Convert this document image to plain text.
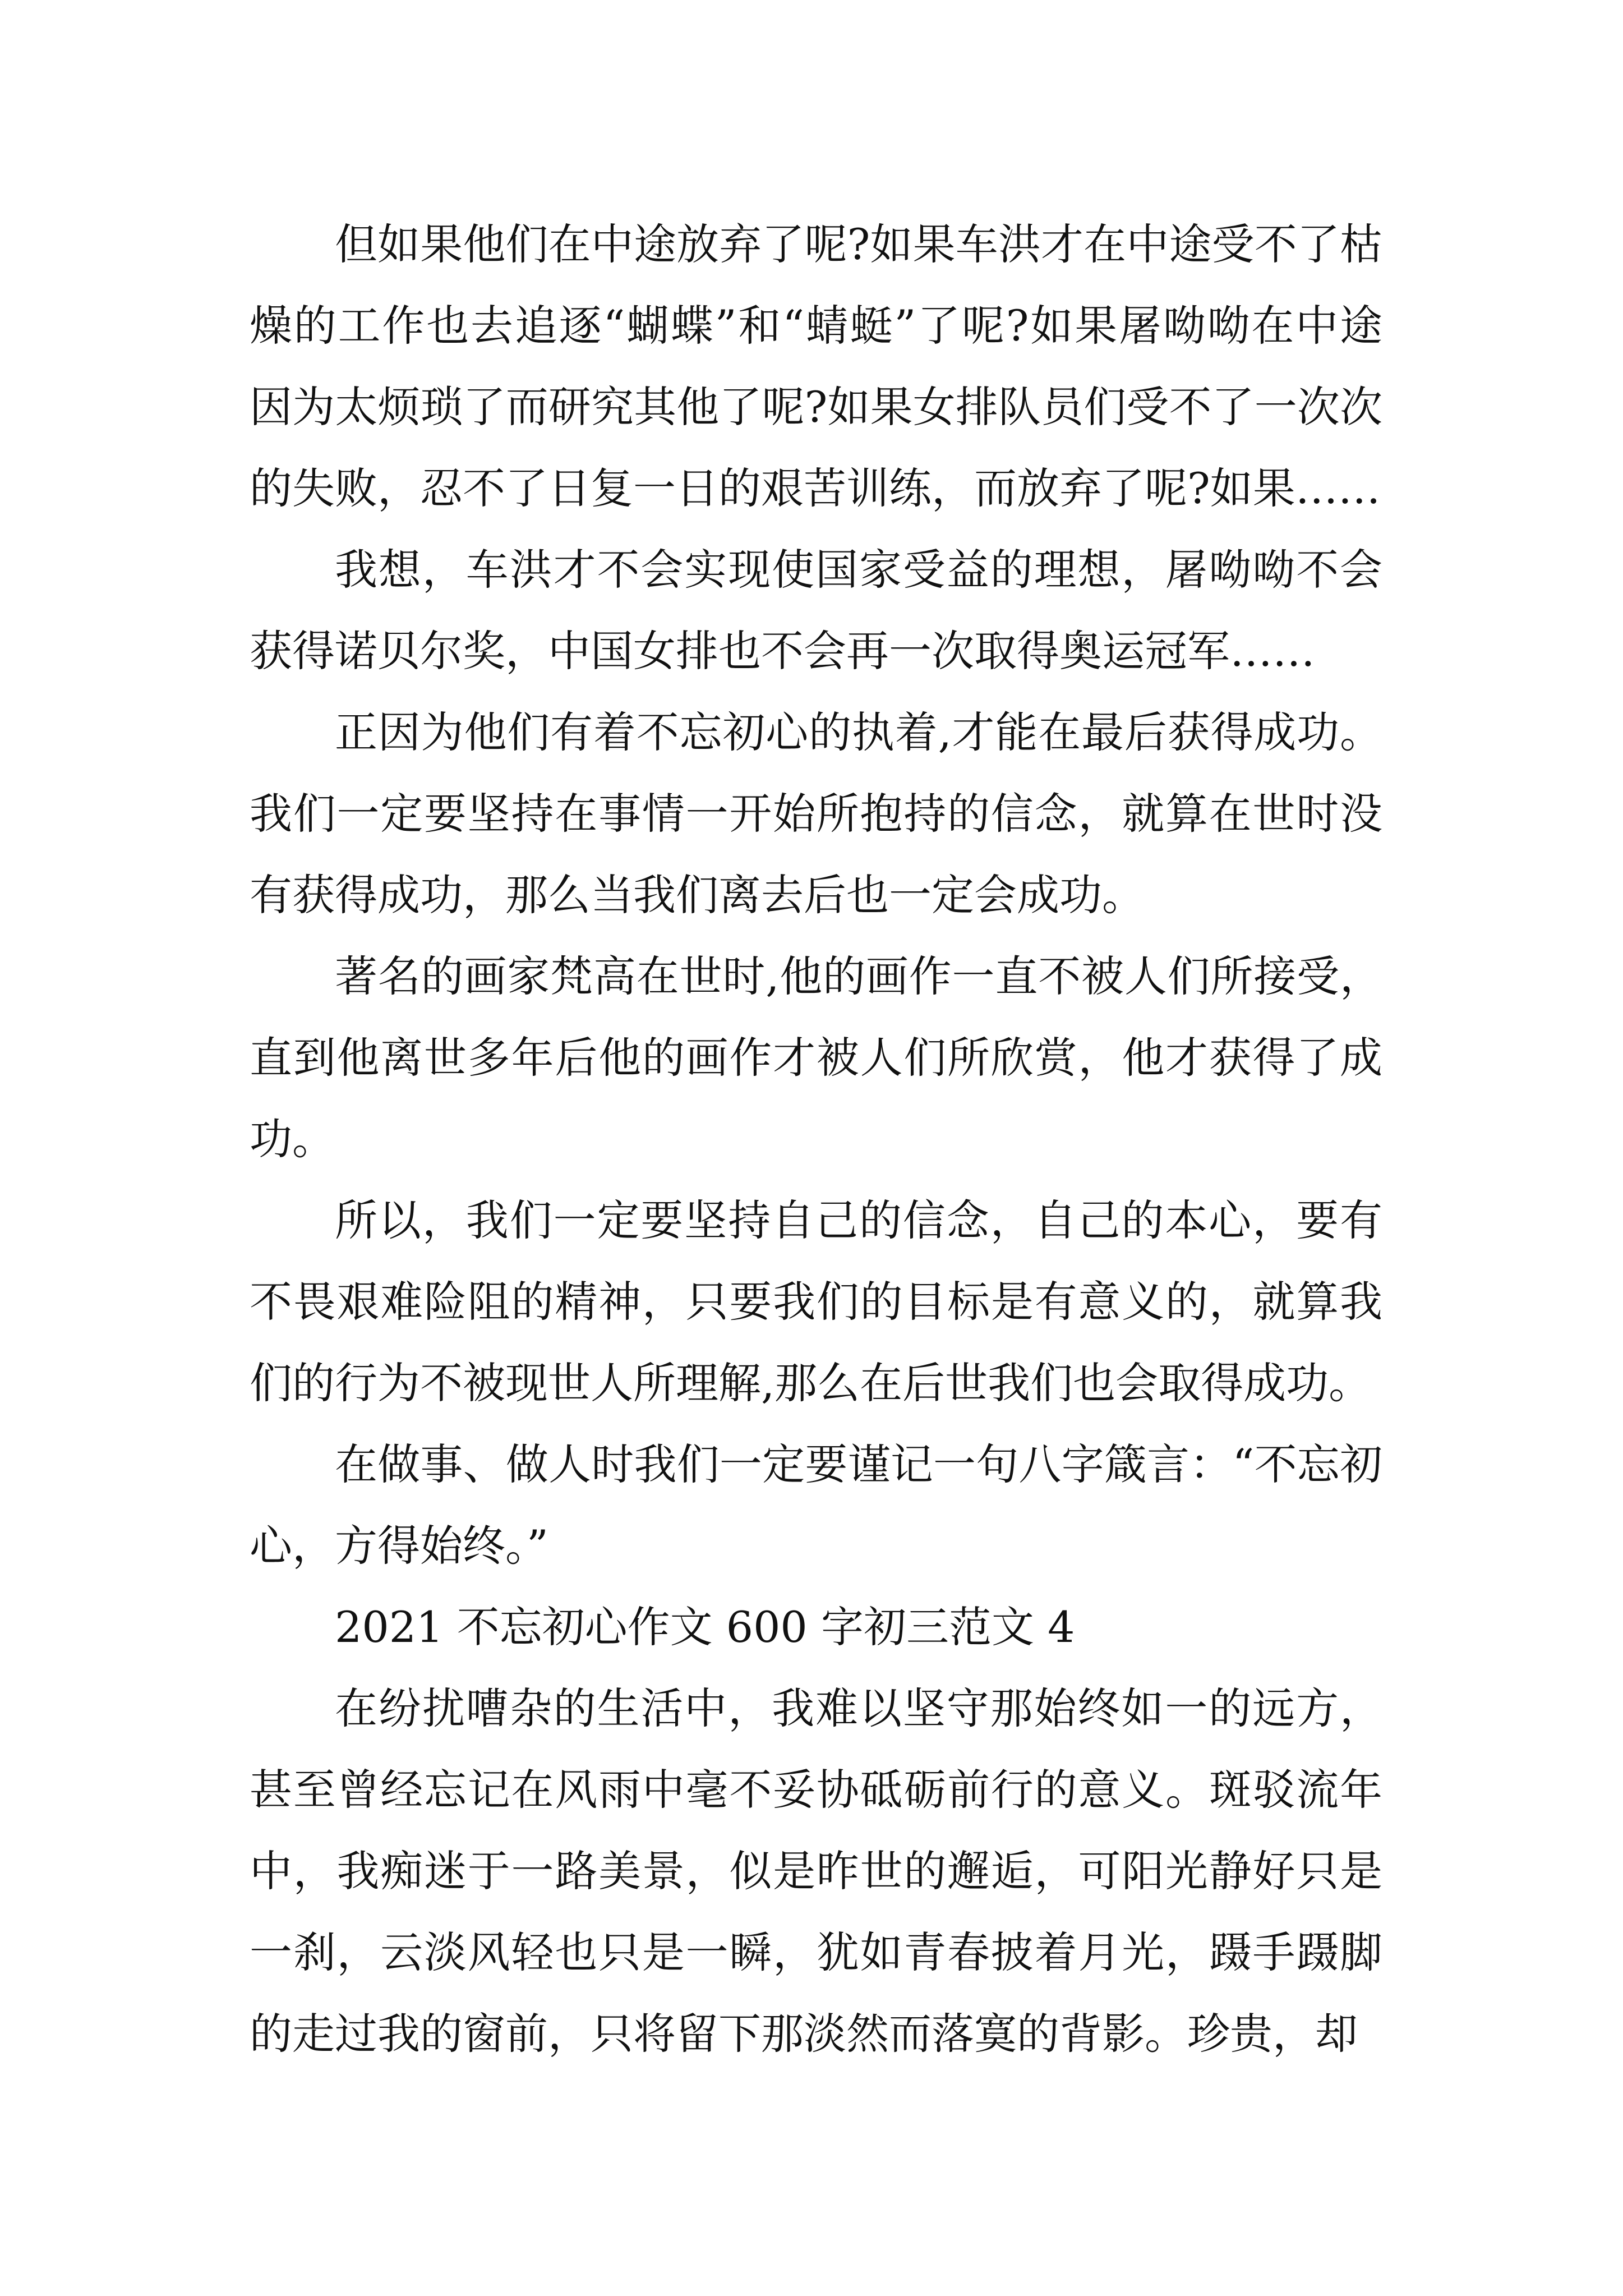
但如果他们在中途放弃了呢?如果车洪才在中途受不了枯燥的工作也去追逐“蝴蝶”和“蜻蜓”了呢?如果屠呦呦在中途因为太烦琐了而研究其他了呢?如果女排队员们受不了一次次的失败，忍不了日复一日的艰苦训练，而放弃了呢?如果……

我想，车洪才不会实现使国家受益的理想，屠呦呦不会获得诺贝尔奖，中国女排也不会再一次取得奥运冠军……

正因为他们有着不忘初心的执着,才能在最后获得成功。我们一定要坚持在事情一开始所抱持的信念，就算在世时没有获得成功，那么当我们离去后也一定会成功。

著名的画家梵高在世时,他的画作一直不被人们所接受，直到他离世多年后他的画作才被人们所欣赏，他才获得了成功。

所以，我们一定要坚持自己的信念，自己的本心，要有不畏艰难险阻的精神，只要我们的目标是有意义的，就算我们的行为不被现世人所理解,那么在后世我们也会取得成功。

在做事、做人时我们一定要谨记一句八字箴言：“不忘初心，方得始终。”

2021 不忘初心作文 600 字初三范文 4

在纷扰嘈杂的生活中，我难以坚守那始终如一的远方，甚至曾经忘记在风雨中毫不妥协砥砺前行的意义。斑驳流年中，我痴迷于一路美景，似是昨世的邂逅，可阳光静好只是一刹，云淡风轻也只是一瞬，犹如青春披着月光，蹑手蹑脚的走过我的窗前，只将留下那淡然而落寞的背影。珍贵，却
